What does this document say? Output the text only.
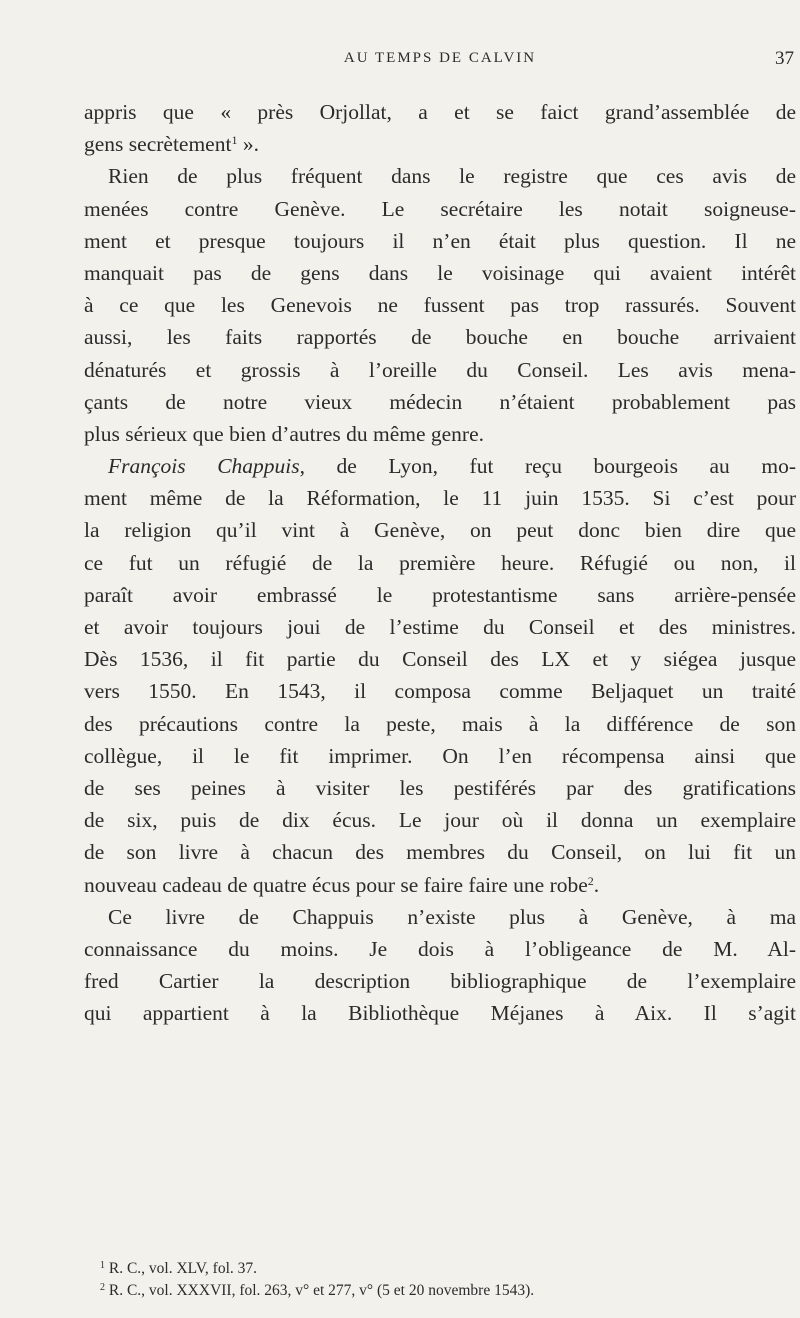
AU TEMPS DE CALVIN	37
appris que « près Orjollat, a et se faict grand’assemblée de
gens secrètement$^1$ ».
Rien de plus fréquent dans le registre que ces avis de
menées contre Genève. Le secrétaire les notait soigneuse-
ment et presque toujours il n’en était plus question. Il ne
manquait pas de gens dans le voisinage qui avaient intérêt
à ce que les Genevois ne fussent pas trop rassurés. Souvent
aussi, les faits rapportés de bouche en bouche arrivaient
dénaturés et grossis à l’oreille du Conseil. Les avis mena-
çants de notre vieux médecin n’étaient probablement pas
plus sérieux que bien d’autres du même genre.
François Chappuis, de Lyon, fut reçu bourgeois au mo-
ment même de la Réformation, le 11 juin 1535. Si c’est pour
la religion qu’il vint à Genève, on peut donc bien dire que
ce fut un réfugié de la première heure. Réfugié ou non, il
paraît avoir embrassé le protestantisme sans arrière-pensée
et avoir toujours joui de l’estime du Conseil et des ministres.
Dès 1536, il fit partie du Conseil des LX et y siégea jusque
vers 1550. En 1543, il composa comme Beljaquet un traité
des précautions contre la peste, mais à la différence de son
collègue, il le fit imprimer. On l’en récompensa ainsi que
de ses peines à visiter les pestiférés par des gratifications
de six, puis de dix écus. Le jour où il donna un exemplaire
de son livre à chacun des membres du Conseil, on lui fit un
nouveau cadeau de quatre écus pour se faire faire une robe$^2$.
Ce livre de Chappuis n’existe plus à Genève, à ma
connaissance du moins. Je dois à l’obligeance de M. Al-
fred Cartier la description bibliographique de l’exemplaire
qui appartient à la Bibliothèque Méjanes à Aix. Il s’agit
$^1$ R. C., vol. XLV, fol. 37.
$^2$ R. C., vol. XXXVII, fol. 263, v° et 277, v° (5 et 20 novembre 1543).
